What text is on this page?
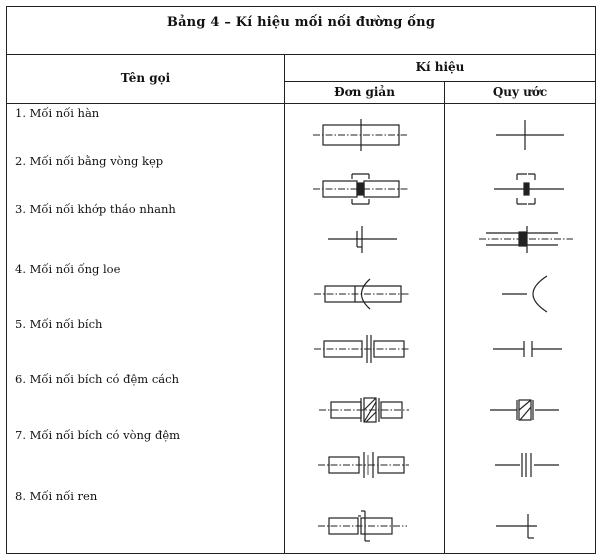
Bảng 4 – Kí hiệu mối nối đường ống
Tên gọi
Kí hiệu
Đơn giản	Quy ước
1. Mối nối hàn
2. Mối nối bằng vòng kẹp
3. Mối nối khớp tháo nhanh
4. Mối nối ống loe
5. Mối nối bích
6. Mối nối bích có đệm cách
7. Mối nối bích có vòng đệm
8. Mối nối ren
